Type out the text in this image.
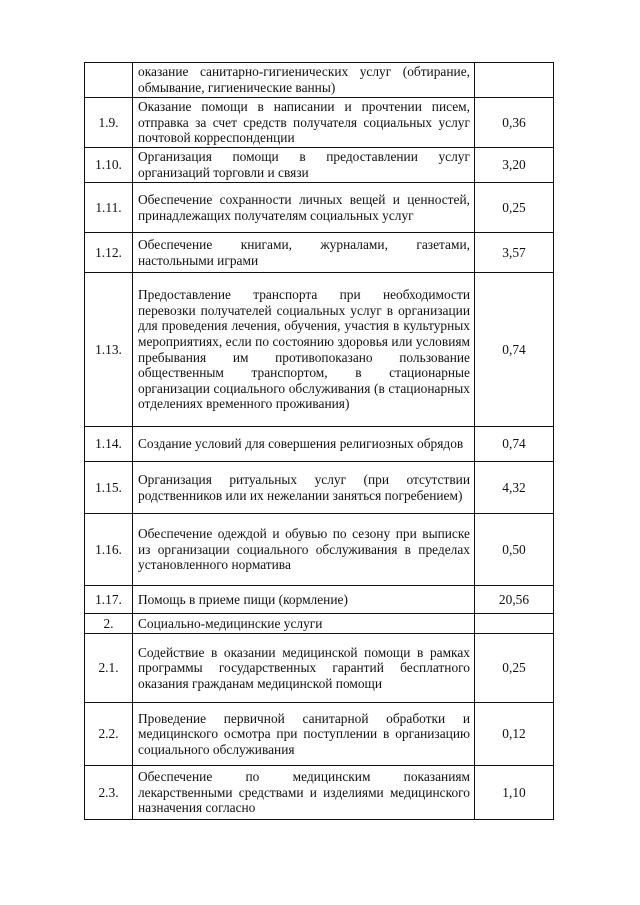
	оказание санитарно-гигиенических услуг (обтирание, обмывание, гигиенические ванны)	
1.9.	Оказание помощи в написании и прочтении писем, отправка за счет средств получателя социальных услуг почтовой корреспонденции	0,36
1.10.	Организация помощи в предоставлении услуг организаций торговли и связи	3,20
1.11.	Обеспечение сохранности личных вещей и ценностей, принадлежащих получателям социальных услуг	0,25
1.12.	Обеспечение книгами, журналами, газетами, настольными играми	3,57
1.13.	Предоставление транспорта при необходимости перевозки получателей социальных услуг в организации для проведения лечения, обучения, участия в культурных мероприятиях, если по состоянию здоровья или условиям пребывания им противопоказано пользование общественным транспортом, в стационарные организации социального обслуживания (в стационарных отделениях временного проживания)	0,74
1.14.	Создание условий для совершения религиозных обрядов	0,74
1.15.	Организация ритуальных услуг (при отсутствии родственников или их нежелании заняться погребением)	4,32
1.16.	Обеспечение одеждой и обувью по сезону при выписке из организации социального обслуживания в пределах установленного норматива	0,50
1.17.	Помощь в приеме пищи (кормление)	20,56
2.	Социально-медицинские услуги	
2.1.	Содействие в оказании медицинской помощи в рамках программы государственных гарантий бесплатного оказания гражданам медицинской помощи	0,25
2.2.	Проведение первичной санитарной обработки и медицинского осмотра при поступлении в организацию социального обслуживания	0,12
2.3.	Обеспечение по медицинским показаниям лекарственными средствами и изделиями медицинского назначения согласно	1,10
